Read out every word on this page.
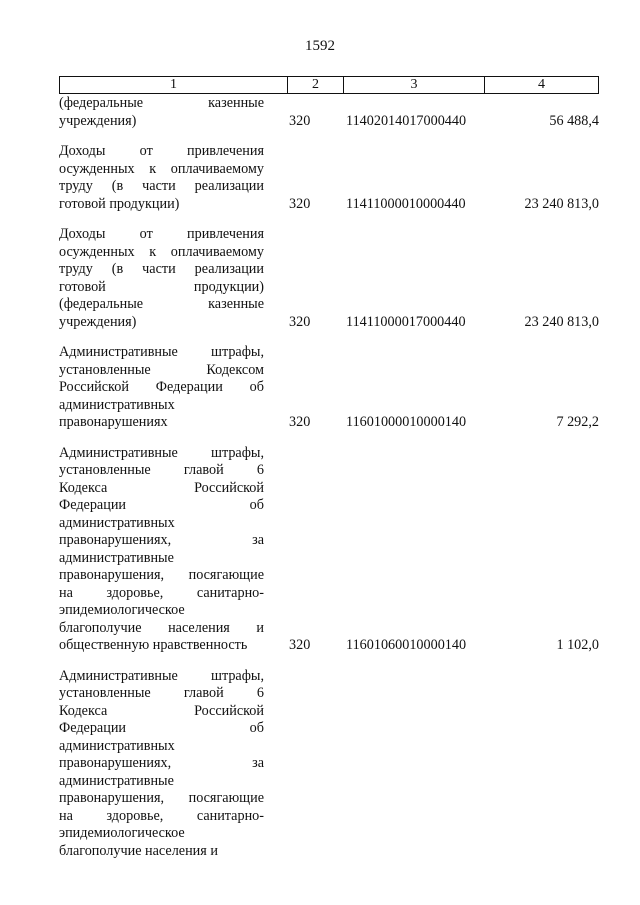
1592
1	2	3	4
(федеральные казенные
учреждения)	320	11402014017000440	56 488,4
Доходы от привлечения
осужденных к оплачиваемому
труду (в части реализации
готовой продукции)	320	11411000010000440	23 240 813,0
Доходы от привлечения
осужденных к оплачиваемому
труду (в части реализации
готовой продукции)
(федеральные казенные
учреждения)	320	11411000017000440	23 240 813,0
Административные штрафы,
установленные Кодексом
Российской Федерации об
административных
правонарушениях	320	11601000010000140	7 292,2
Административные штрафы,
установленные главой 6
Кодекса Российской
Федерации об
административных
правонарушениях, за
административные
правонарушения, посягающие
на здоровье, санитарно-
эпидемиологическое
благополучие населения и
общественную нравственность	320	11601060010000140	1 102,0
Административные штрафы,
установленные главой 6
Кодекса Российской
Федерации об
административных
правонарушениях, за
административные
правонарушения, посягающие
на здоровье, санитарно-
эпидемиологическое
благополучие населения и
